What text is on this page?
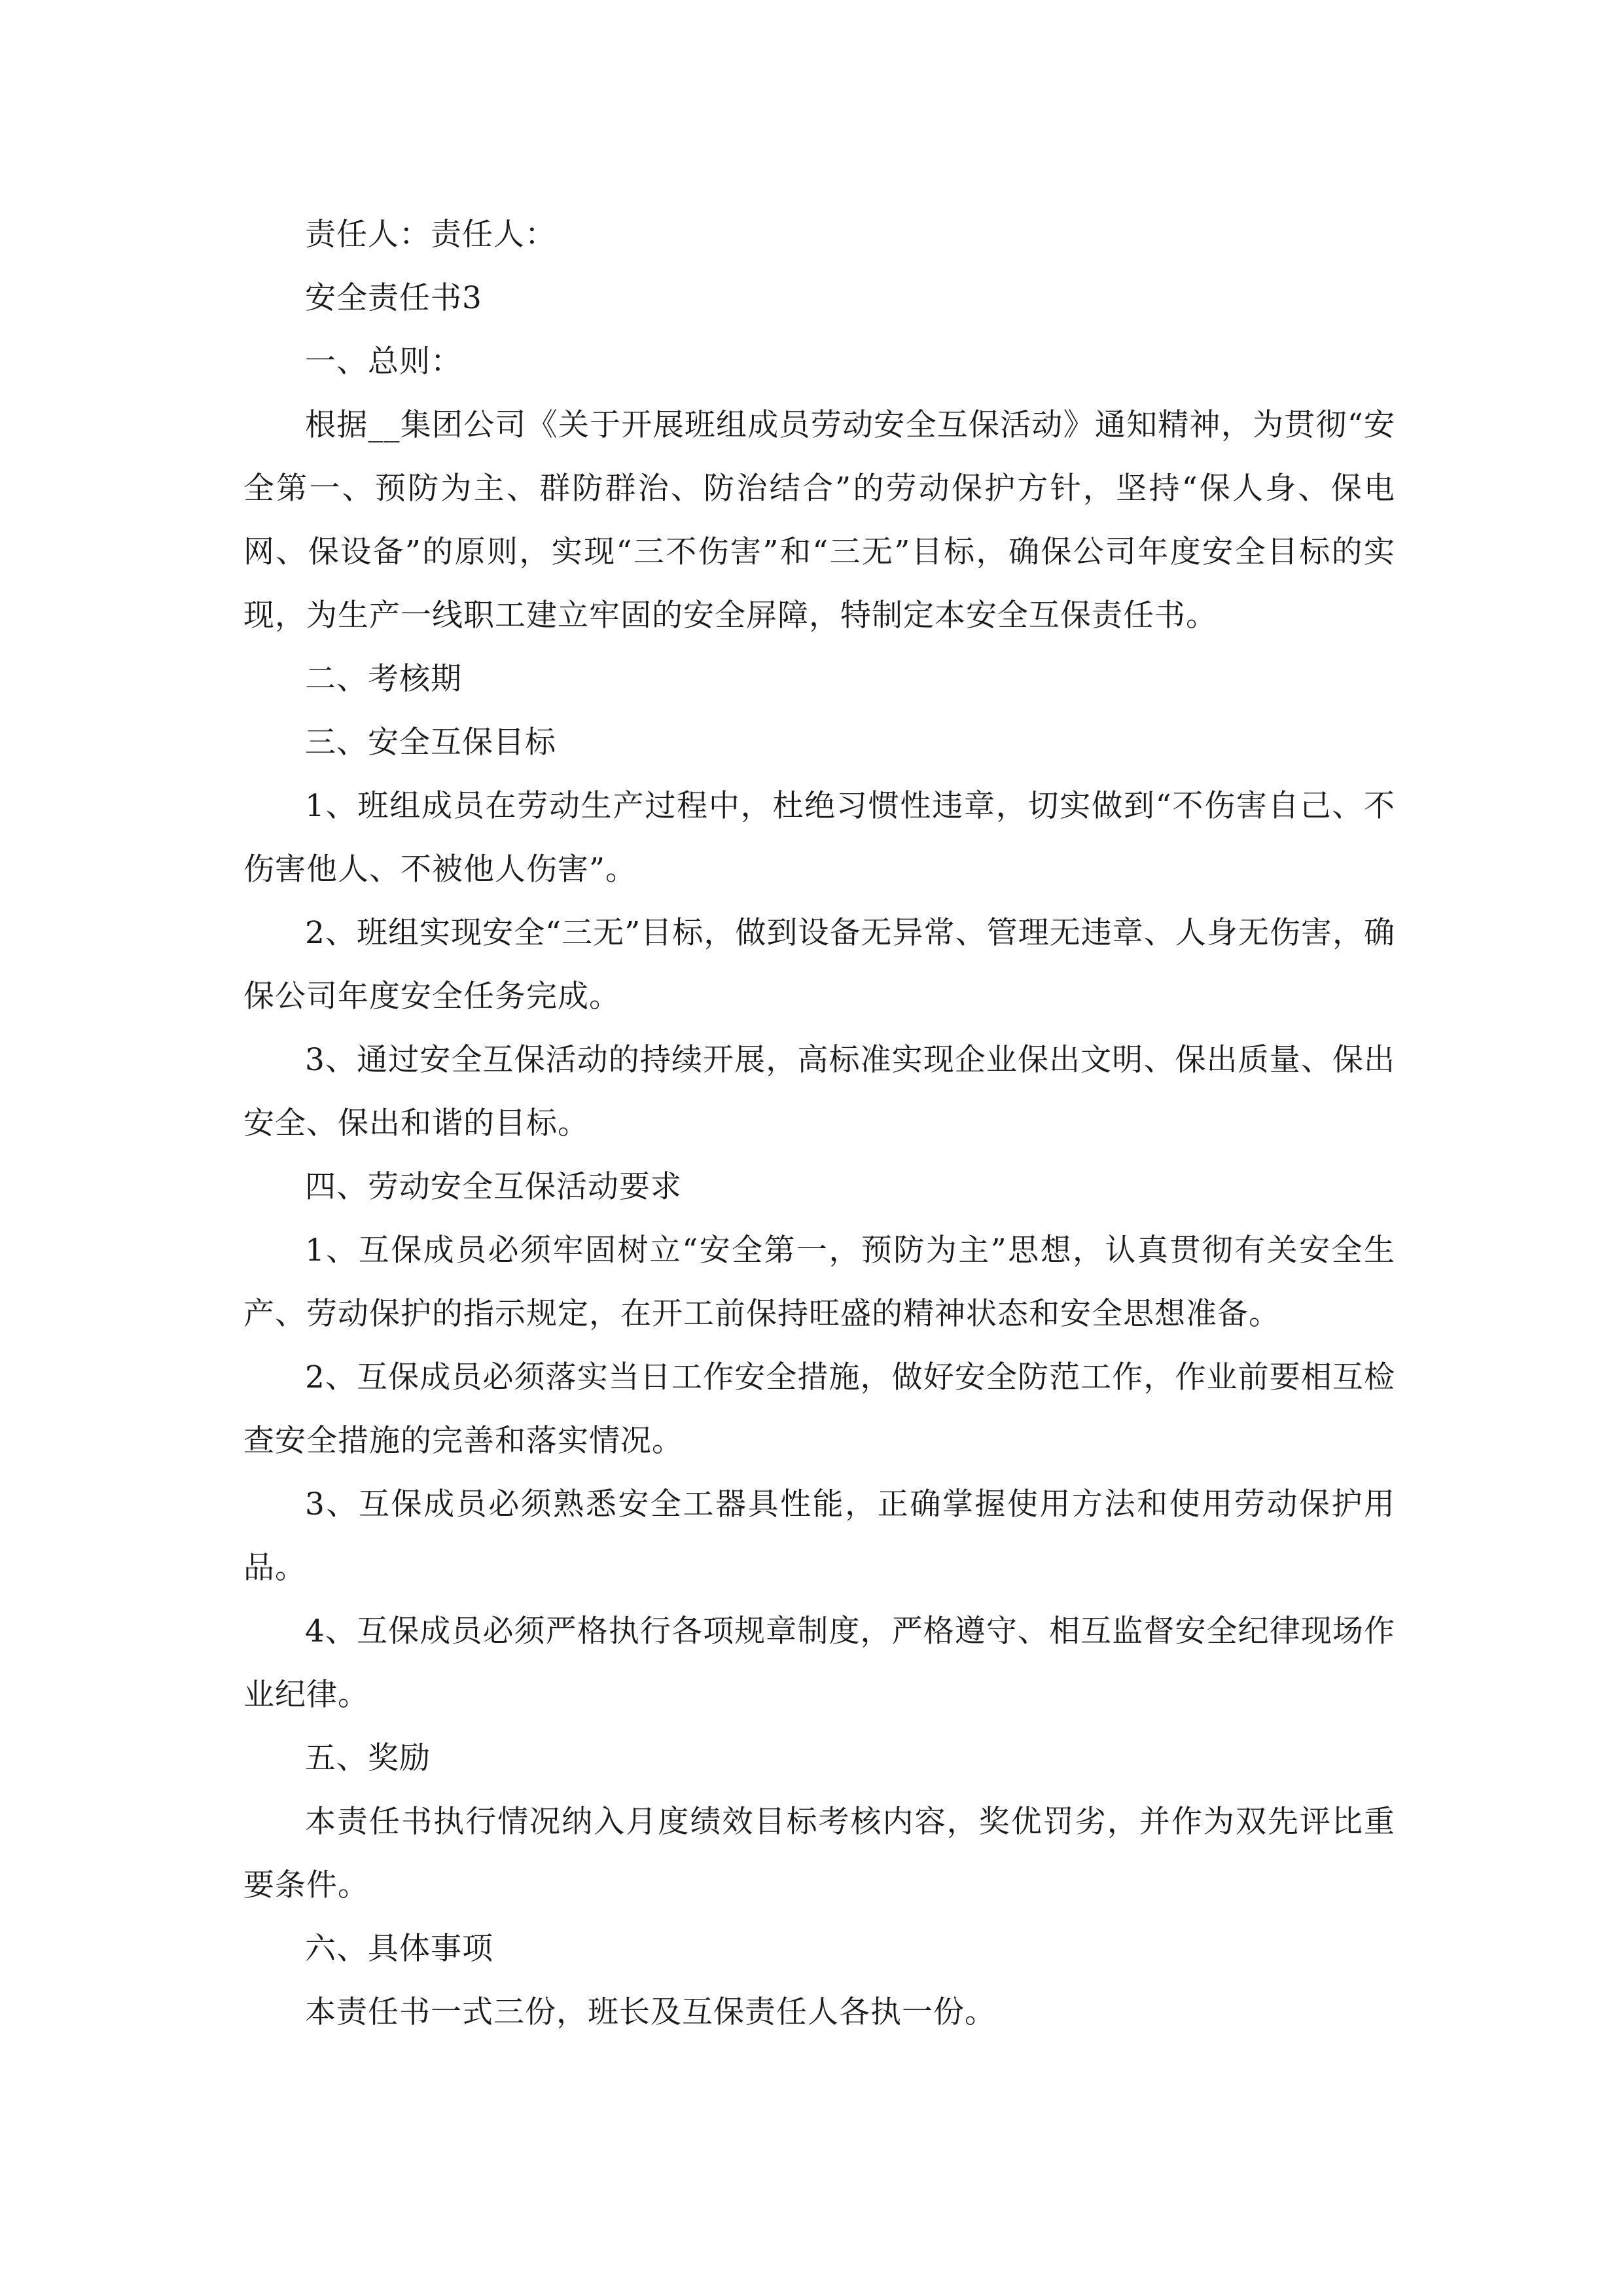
责任人：责任人：

安全责任书3

一、总则：

根据__集团公司《关于开展班组成员劳动安全互保活动》通知精神，为贯彻“安全第一、预防为主、群防群治、防治结合”的劳动保护方针，坚持“保人身、保电网、保设备”的原则，实现“三不伤害”和“三无”目标，确保公司年度安全目标的实现，为生产一线职工建立牢固的安全屏障，特制定本安全互保责任书。

二、考核期

三、安全互保目标

1、班组成员在劳动生产过程中，杜绝习惯性违章，切实做到“不伤害自己、不伤害他人、不被他人伤害”。

2、班组实现安全“三无”目标，做到设备无异常、管理无违章、人身无伤害，确保公司年度安全任务完成。

3、通过安全互保活动的持续开展，高标准实现企业保出文明、保出质量、保出安全、保出和谐的目标。

四、劳动安全互保活动要求

1、互保成员必须牢固树立“安全第一，预防为主”思想，认真贯彻有关安全生产、劳动保护的指示规定，在开工前保持旺盛的精神状态和安全思想准备。

2、互保成员必须落实当日工作安全措施，做好安全防范工作，作业前要相互检查安全措施的完善和落实情况。

3、互保成员必须熟悉安全工器具性能，正确掌握使用方法和使用劳动保护用品。

4、互保成员必须严格执行各项规章制度，严格遵守、相互监督安全纪律现场作业纪律。

五、奖励

本责任书执行情况纳入月度绩效目标考核内容，奖优罚劣，并作为双先评比重要条件。

六、具体事项

本责任书一式三份，班长及互保责任人各执一份。
